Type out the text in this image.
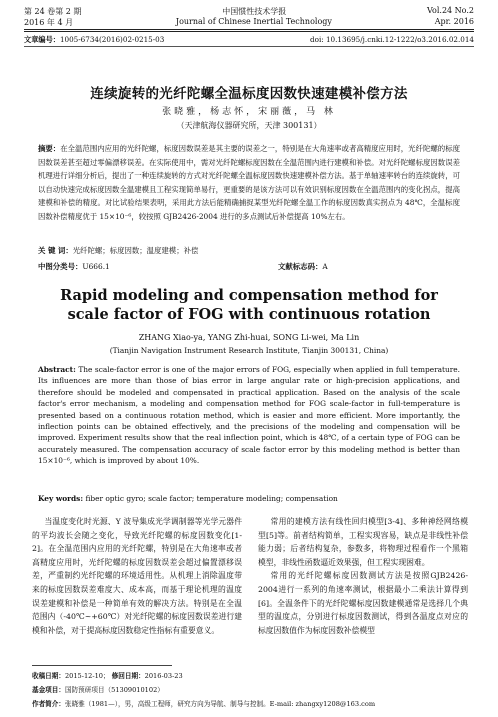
第 24 卷第 2 期	中国惯性技术学报	Vol.24 No.2
2016 年 4 月	Journal of Chinese Inertial Technology	Apr. 2016
文章编号：1005-6734(2016)02-0215-03	doi: 10.13695/j.cnki.12-1222/o3.2016.02.014
连续旋转的光纤陀螺全温标度因数快速建模补偿方法
张晓雅，杨志怀，宋丽薇，马 林
（天津航海仪器研究所，天津 300131）
摘要：在全温范围内应用的光纤陀螺，标度因数误差是其主要的误差之一，特别是在大角速率或者高精度应用时，光纤陀螺的标度因数误差甚至超过零偏漂移误差。在实际使用中，需对光纤陀螺标度因数在全温范围内进行建模和补偿。对光纤陀螺标度因数误差机理进行详细分析后，提出了一种连续旋转的方式对光纤陀螺全温标度因数快速建模补偿方法。基于单轴速率转台的连续旋转，可以自动快速完成标度因数全温建模且工程实现简单易行，更重要的是该方法可以有效识别标度因数在全温范围内的变化拐点，提高建模和补偿的精度。对比试验结果表明，采用此方法后能精确捕捉某型光纤陀螺全温工作的标度因数真实拐点为 48℃，全温标度因数补偿精度优于 15×10⁻⁶，较按照 GJB2426-2004 进行的多点测试后补偿提高 10%左右。
关 键 词：光纤陀螺；标度因数；温度建模；补偿
中图分类号：U666.1	文献标志码：A
Rapid modeling and compensation method for scale factor of FOG with continuous rotation
ZHANG Xiao-ya, YANG Zhi-huai, SONG Li-wei, Ma Lin
(Tianjin Navigation Instrument Research Institute, Tianjin 300131, China)
Abstract: The scale-factor error is one of the major errors of FOG, especially when applied in full temperature. Its influences are more than those of bias error in large angular rate or high-precision applications, and therefore should be modeled and compensated in practical application. Based on the analysis of the scale factor's error mechanism, a modeling and compensation method for FOG scale-factor in full-temperature is presented based on a continuous rotation method, which is easier and more efficient. More importantly, the inflection points can be obtained effectively, and the precisions of the modeling and compensation will be improved. Experiment results show that the real inflection point, which is 48℃, of a certain type of FOG can be accurately measured. The compensation accuracy of scale factor error by this modeling method is better than 15×10⁻⁶, which is improved by about 10%.
Key words: fiber optic gyro; scale factor; temperature modeling; compensation
当温度变化时光源、Y 波导集成光学调制器等光学元器件的平均波长会随之变化，导致光纤陀螺的标度因数变化[1-2]。在全温范围内应用的光纤陀螺，特别是在大角速率或者高精度应用时，光纤陀螺的标度因数误差会超过偏置漂移误差，严重制约光纤陀螺的环境适用性。从机理上消除温度带来的标度因数误差难度大、成本高，而基于理论机理的温度误差建模和补偿是一种简单有效的解决方法。特别是在全温范围内（-40℃~+60℃）对光纤陀螺的标度因数误差进行建模和补偿，对于提高标度因数稳定性指标有重要意义。

常用的建模方法有线性回归模型[3-4]、多种神经网络模型[5]等。前者结构简单，工程实现容易，缺点是非线性补偿能力弱；后者结构复杂，参数多，将物理过程看作一个黑箱模型，非线性函数逼近效果强，但工程实现困难。

常用的光纤陀螺标度因数测试方法是按照GJB2426-2004进行一系列的角速率测试，根据最小二乘法计算得到[6]。全温条件下的光纤陀螺标度因数建模通常是选择几个典型的温度点，分别进行标度因数测试，得到各温度点对应的标度因数值作为标度因数补偿模型

收稿日期：2015-12-10； 修回日期：2016-03-23
基金项目：国防预研项目（51309010102）
作者简介：张晓雅（1981—），男，高级工程师，研究方向为导航、制导与控制。E-mail: zhangxy1208@163.com
